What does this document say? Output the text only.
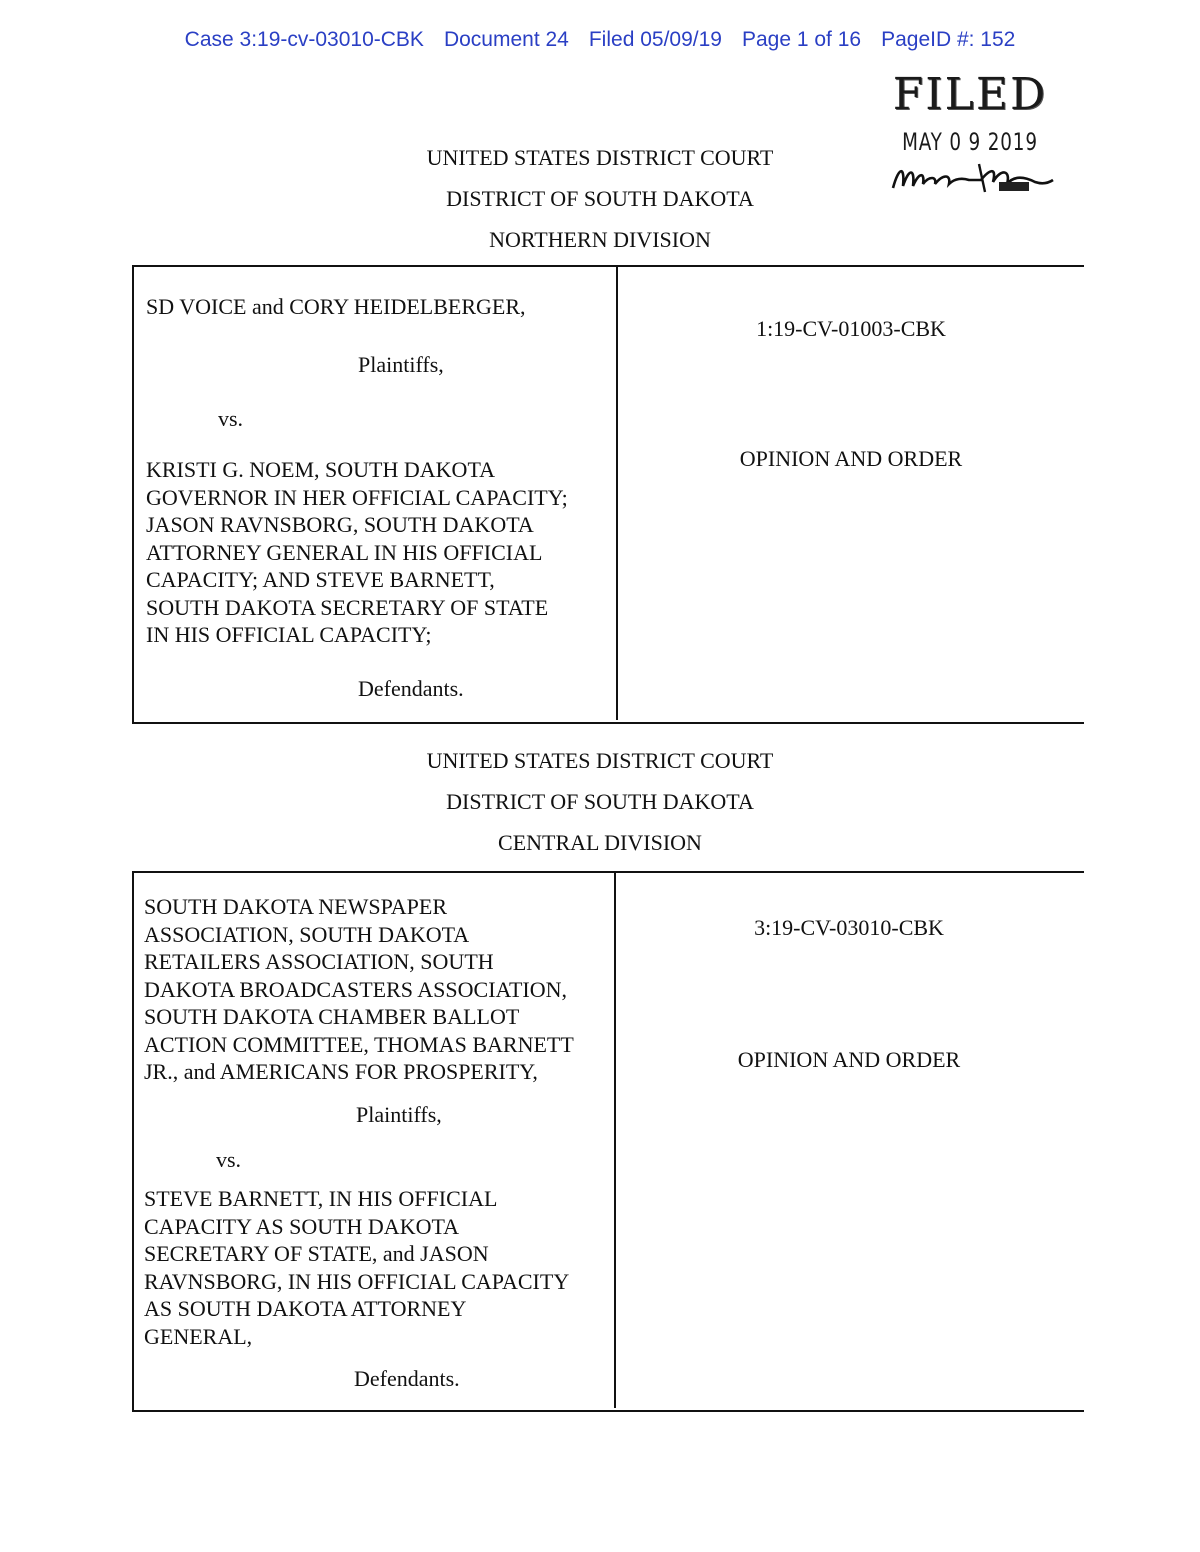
Case 3:19-cv-03010-CBK Document 24 Filed 05/09/19 Page 1 of 16 PageID #: 152
FILED
MAY 0 9 2019
UNITED STATES DISTRICT COURT
DISTRICT OF SOUTH DAKOTA
NORTHERN DIVISION
SD VOICE and CORY HEIDELBERGER,
Plaintiffs,
vs.
KRISTI G. NOEM, SOUTH DAKOTA
GOVERNOR IN HER OFFICIAL CAPACITY;
JASON RAVNSBORG, SOUTH DAKOTA
ATTORNEY GENERAL IN HIS OFFICIAL
CAPACITY; AND STEVE BARNETT,
SOUTH DAKOTA SECRETARY OF STATE
IN HIS OFFICIAL CAPACITY;
Defendants.
1:19-CV-01003-CBK
OPINION AND ORDER
UNITED STATES DISTRICT COURT
DISTRICT OF SOUTH DAKOTA
CENTRAL DIVISION
SOUTH DAKOTA NEWSPAPER
ASSOCIATION, SOUTH DAKOTA
RETAILERS ASSOCIATION, SOUTH
DAKOTA BROADCASTERS ASSOCIATION,
SOUTH DAKOTA CHAMBER BALLOT
ACTION COMMITTEE, THOMAS BARNETT
JR., and AMERICANS FOR PROSPERITY,
Plaintiffs,
vs.
STEVE BARNETT, IN HIS OFFICIAL
CAPACITY AS SOUTH DAKOTA
SECRETARY OF STATE, and JASON
RAVNSBORG, IN HIS OFFICIAL CAPACITY
AS SOUTH DAKOTA ATTORNEY
GENERAL,
Defendants.
3:19-CV-03010-CBK
OPINION AND ORDER
